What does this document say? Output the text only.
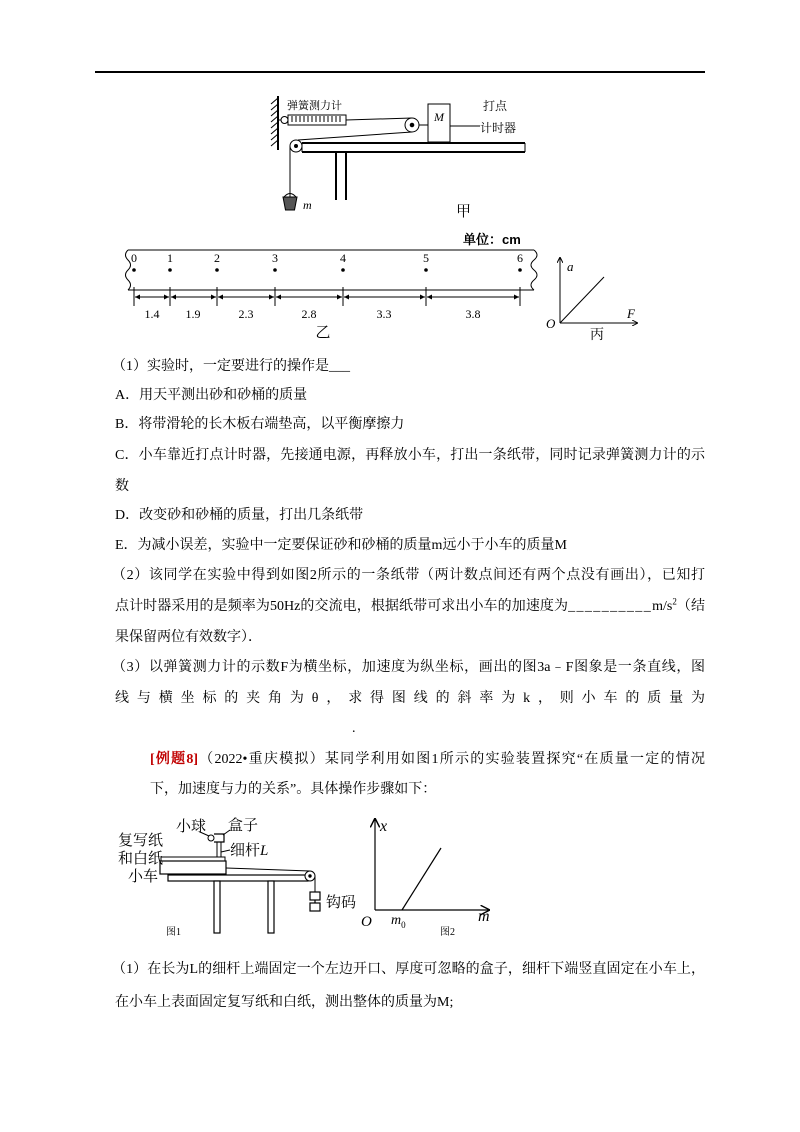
弹簧测力计
M
打点
计时器
m	甲
单位：cm
0	1	2	3	4	5	6
1.4 1.9	2.3	2.8	3.3	3.8
乙
a
O
F
丙
（1）实验时，一定要进行的操作是___
A．用天平测出砂和砂桶的质量
B．将带滑轮的长木板右端垫高，以平衡摩擦力
C．小车靠近打点计时器，先接通电源，再释放小车，打出一条纸带，同时记录弹簧测力计的示
数
D．改变砂和砂桶的质量，打出几条纸带
E．为减小误差，实验中一定要保证砂和砂桶的质量m远小于小车的质量M
（2）该同学在实验中得到如图2所示的一条纸带（两计数点间还有两个点没有画出），已知打
点计时器采用的是频率为50Hz的交流电，根据纸带可求出小车的加速度为$\_\_\_\_\_\_\_\_\_\_m/s^2$（结
果保留两位有效数字）．
（3）以弹簧测力计的示数F为横坐标，加速度为纵坐标，画出的图3a﹣F图象是一条直线，图
线与横坐标的夹角为θ，求得图线的斜率为k，则小车的质量为
.
[例题8]（2022•重庆模拟）某同学利用如图1所示的实验装置探究“在质量一定的情况
下，加速度与力的关系”。具体操作步骤如下：
小球 盒子
复写纸
和白纸	细杆L
小车
钩码
图1
x
O $m_0$	m
图2
（1）在长为L的细杆上端固定一个左边开口、厚度可忽略的盒子，细杆下端竖直固定在小车上，
在小车上表面固定复写纸和白纸，测出整体的质量为M;
